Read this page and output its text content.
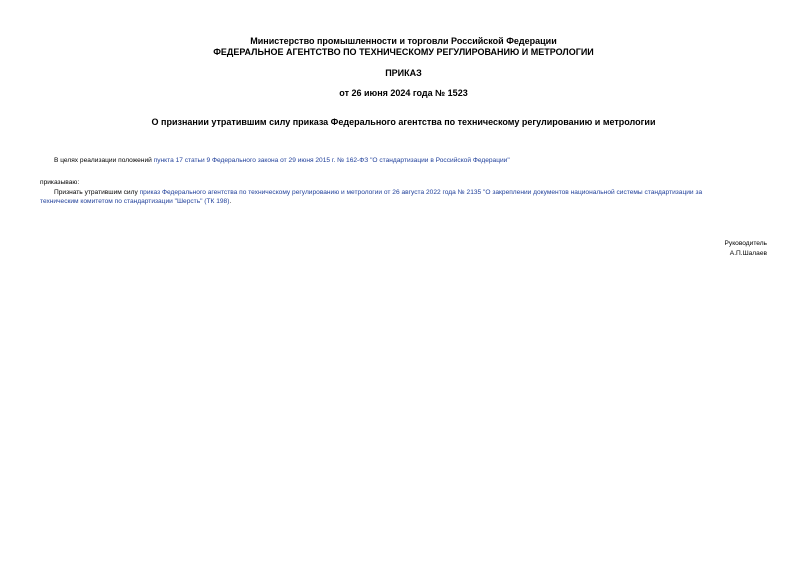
Министерство промышленности и торговли Российской Федерации
ФЕДЕРАЛЬНОЕ АГЕНТСТВО ПО ТЕХНИЧЕСКОМУ РЕГУЛИРОВАНИЮ И МЕТРОЛОГИИ
ПРИКАЗ
от 26 июня 2024 года № 1523
О признании утратившим силу приказа Федерального агентства по техническому регулированию и метрологии
В целях реализации положений пункта 17 статьи 9 Федерального закона от 29 июня 2015 г. № 162-ФЗ "О стандартизации в Российской Федерации"
приказываю:
Признать утратившим силу приказ Федерального агентства по техническому регулированию и метрологии от 26 августа 2022 года № 2135 "О закреплении документов национальной системы стандартизации за
техническим комитетом по стандартизации "Шерсть" (ТК 198).
Руководитель
А.П.Шалаев
